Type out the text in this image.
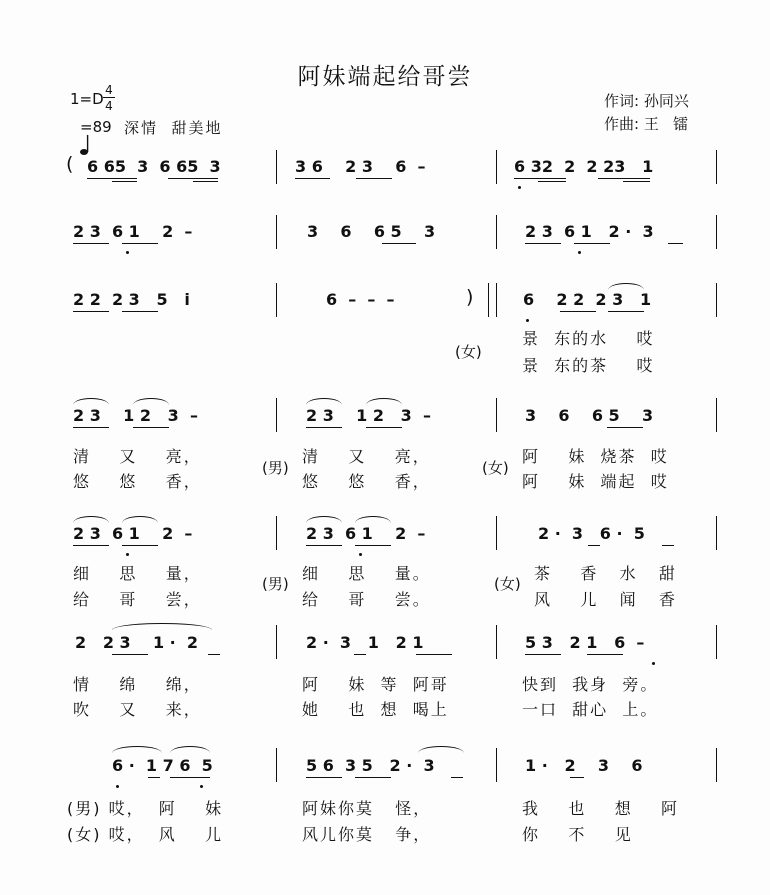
阿妹端起给哥尝
1=D 4
4

=89 深情  甜美地
作词: 孙同兴
作曲: 王   镭
( 6 65  3  6 65  3	3 6    2 3    6  –	6 32  2  2 23   1
2 3  6 1    2  –	3    6    6 5    3	2 3  6 1   2 ·  3
2 2  2 3   5   i	6  –  –  –	)	6    2 2  2 3   1
(女)
景  东的水    哎
景  东的茶    哎
2 3    1 2   3  –	2 3    1 2   3  –	3    6    6 5    3
清    又    亮，
悠    悠    香，
(男)
清    又    亮，
悠    悠    香，
(女)
阿    妹  烧茶  哎
阿    妹  端起  哎
2 3  6 1    2  –	2 3  6 1    2  –	2 ·  3   6 ·  5
细    思    量，
给    哥    尝，
(男)
细    思    量。
给    哥    尝。
(女)
茶    香   水   甜
风    儿   闻   香
2   2 3    1 ·  2	2 ·  3   1   2 1	5 3   2 1   6  –
情    绵    绵，
吹    又    来，
阿    妹  等  阿哥
她    也  想  喝上
快到  我身  旁。
一口  甜心  上。
6 ·  1 7 6  5	5 6  3 5   2 ·  3	1 ·   2    3    6
(男) 哎，  阿    妹
(女) 哎，  风    儿
阿妹你莫   怪，
风儿你莫   争，
我    也    想    阿
你    不    见
